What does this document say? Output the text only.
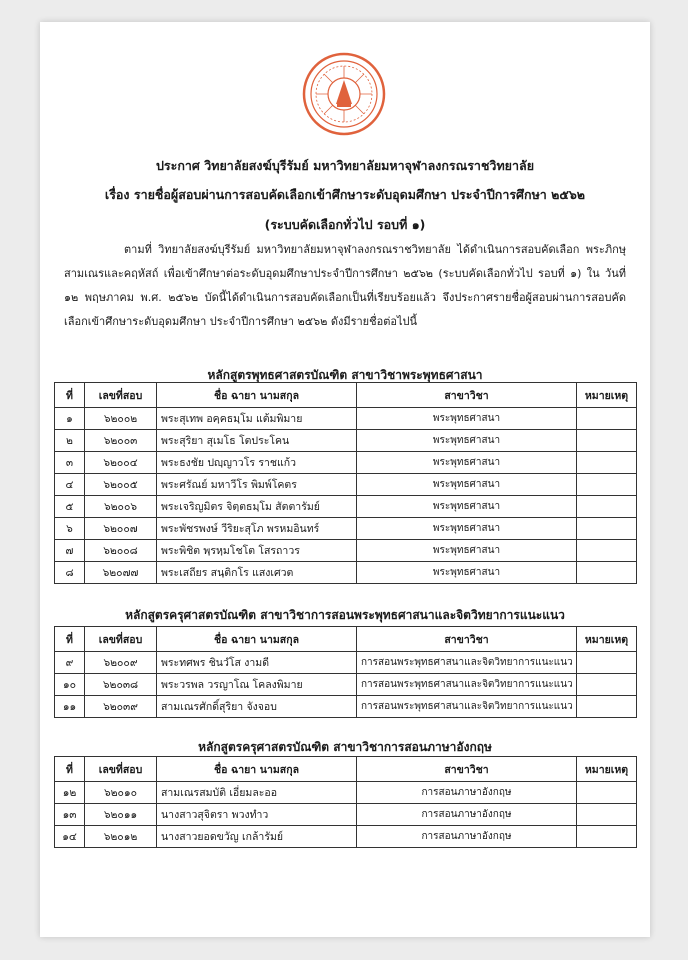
ประกาศ วิทยาลัยสงฆ์บุรีรัมย์ มหาวิทยาลัยมหาจุฬาลงกรณราชวิทยาลัย
เรื่อง รายชื่อผู้สอบผ่านการสอบคัดเลือกเข้าศึกษาระดับอุดมศึกษา ประจำปีการศึกษา ๒๕๖๒
(ระบบคัดเลือกทั่วไป รอบที่ ๑)
ตามที่ วิทยาลัยสงฆ์บุรีรัมย์ มหาวิทยาลัยมหาจุฬาลงกรณราชวิทยาลัย ได้ดำเนินการสอบคัดเลือก พระภิกษุสามเณรและคฤหัสถ์ เพื่อเข้าศึกษาต่อระดับอุดมศึกษาประจำปีการศึกษา ๒๕๖๒ (ระบบคัดเลือกทั่วไป รอบที่ ๑) ใน วันที่ ๑๒ พฤษภาคม พ.ศ. ๒๕๖๒ บัดนี้ได้ดำเนินการสอบคัดเลือกเป็นที่เรียบร้อยแล้ว จึงประกาศรายชื่อผู้สอบผ่านการสอบคัดเลือกเข้าศึกษาระดับอุดมศึกษา ประจำปีการศึกษา ๒๕๖๒ ดังมีรายชื่อต่อไปนี้
หลักสูตรพุทธศาสตรบัณฑิต สาขาวิชาพระพุทธศาสนา
ที่	เลขที่สอบ	ชื่อ ฉายา นามสกุล	สาขาวิชา	หมายเหตุ
๑	๖๒๐๐๒	พระสุเทพ อคฺคธมฺโม แต้มพิมาย	พระพุทธศาสนา	
๒	๖๒๐๐๓	พระสุริยา สุเมโธ โตประโคน	พระพุทธศาสนา	
๓	๖๒๐๐๔	พระธงชัย ปญฺญาวโร ราชแก้ว	พระพุทธศาสนา	
๔	๖๒๐๐๕	พระศรัณย์ มหาวีโร พิมพ์โคตร	พระพุทธศาสนา	
๕	๖๒๐๐๖	พระเจริญมิตร จิตฺตธมฺโม สัตตารัมย์	พระพุทธศาสนา	
๖	๖๒๐๐๗	พระพัชรพงษ์ วีริยะสุโภ พรหมอินทร์	พระพุทธศาสนา	
๗	๖๒๐๐๘	พระพิชิต พฺรหฺมโชโต โสรถาวร	พระพุทธศาสนา	
๘	๖๒๐๗๗	พระเสถียร สนฺติกโร แสงเศวต	พระพุทธศาสนา	
หลักสูตรครุศาสตรบัณฑิต สาขาวิชาการสอนพระพุทธศาสนาและจิตวิทยาการแนะแนว
ที่	เลขที่สอบ	ชื่อ ฉายา นามสกุล	สาขาวิชา	หมายเหตุ
๙	๖๒๐๐๙	พระทศพร ชินวํโส งามดี	การสอนพระพุทธศาสนาและจิตวิทยาการแนะแนว	
๑๐	๖๒๐๓๘	พระวรพล วรญาโณ โคลงพิมาย	การสอนพระพุทธศาสนาและจิตวิทยาการแนะแนว	
๑๑	๖๒๐๓๙	สามเณรศักดิ์สุริยา จังจอบ	การสอนพระพุทธศาสนาและจิตวิทยาการแนะแนว	
หลักสูตรครุศาสตรบัณฑิต สาขาวิชาการสอนภาษาอังกฤษ
ที่	เลขที่สอบ	ชื่อ ฉายา นามสกุล	สาขาวิชา	หมายเหตุ
๑๒	๖๒๐๑๐	สามเณรสมบัติ เอี่ยมละออ	การสอนภาษาอังกฤษ	
๑๓	๖๒๐๑๑	นางสาวสุจิตรา พวงทำว	การสอนภาษาอังกฤษ	
๑๔	๖๒๐๑๒	นางสาวยอดขวัญ เกล้ารัมย์	การสอนภาษาอังกฤษ	
